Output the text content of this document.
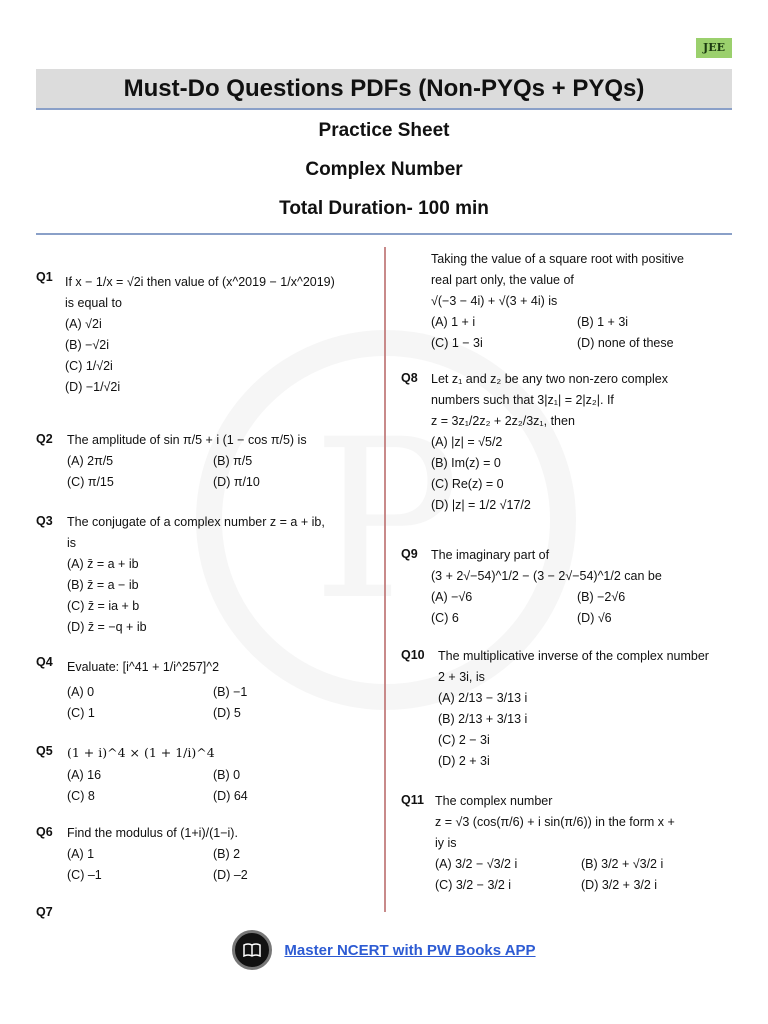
JEE
Must-Do Questions PDFs (Non-PYQs + PYQs)
Practice Sheet
Complex Number
Total Duration- 100 min
Q1 If x − 1/x = √2i then value of (x^2019 − 1/x^2019)
is equal to
(A) √2i
(B) −√2i
(C) 1/√2i
(D) −1/√2i
Q2 The amplitude of sin π/5 + i (1 − cos π/5) is
(A) 2π/5	(B) π/5
(C) π/15	(D) π/10
Q3 The conjugate of a complex number z = a + ib,
is
(A) z̄ = a + ib
(B) z̄ = a − ib
(C) z̄ = ia + b
(D) z̄ = −q + ib
Q4 Evaluate: [i^41 + 1/i^257]^2
(A) 0	(B) −1
(C) 1	(D) 5
Q5 (1 + i)^4 × (1 + 1/i)^4
(A) 16	(B) 0
(C) 8	(D) 64
Q6 Find the modulus of (1+i)/(1−i).
(A) 1	(B) 2
(C) –1	(D) –2
Q7
Taking the value of a square root with positive
real part only, the value of
√(−3 − 4i) + √(3 + 4i) is
(A) 1 + i	(B) 1 + 3i
(C) 1 − 3i	(D) none of these
Q8 Let z₁ and z₂ be any two non-zero complex
numbers such that 3|z₁| = 2|z₂|. If
z = 3z₁/2z₂ + 2z₂/3z₁, then
(A) |z| = √5/2
(B) Im(z) = 0
(C) Re(z) = 0
(D) |z| = 1/2 √17/2
Q9 The imaginary part of
(3 + 2√−54)^1/2 − (3 − 2√−54)^1/2 can be
(A) −√6	(B) −2√6
(C) 6	(D) √6
Q10 The multiplicative inverse of the complex number
2 + 3i, is
(A) 2/13 − 3/13 i
(B) 2/13 + 3/13 i
(C) 2 − 3i
(D) 2 + 3i
Q11 The complex number
z = √3 (cos(π/6) + i sin(π/6)) in the form x +
iy is
(A) 3/2 − √3/2 i	(B) 3/2 + √3/2 i
(C) 3/2 − 3/2 i	(D) 3/2 + 3/2 i
Master NCERT with PW Books APP
